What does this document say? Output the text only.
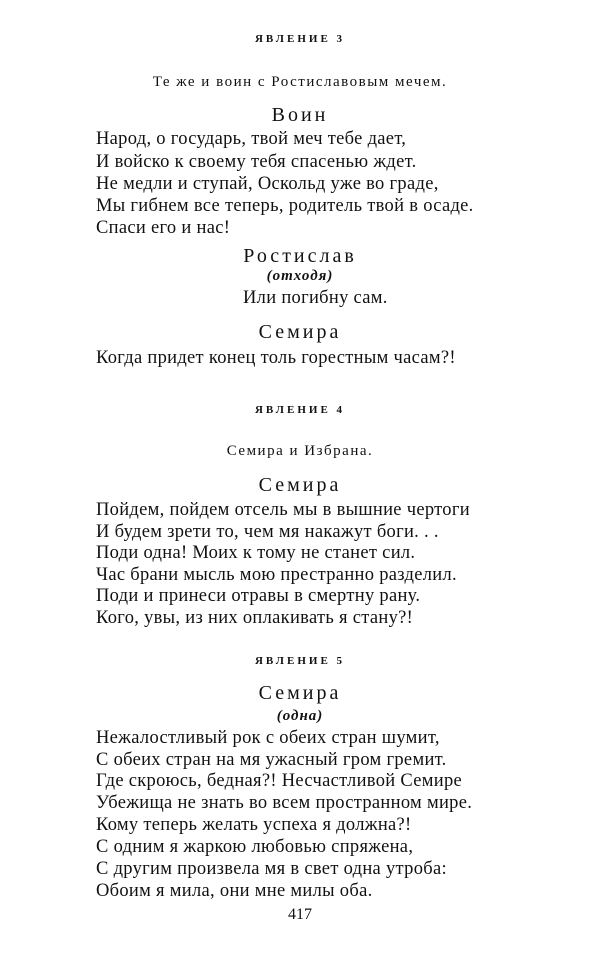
ЯВЛЕНИЕ 3
Те же и воин с Ростиславовым мечем.
Воин
Народ, о государь, твой меч тебе дает,
И войско к своему тебя спасенью ждет.
Не медли и ступай, Оскольд уже во граде,
Мы гибнем все теперь, родитель твой в осаде.
Спаси его и нас!
Ростислав
(отходя)
Или погибну сам.
Семира
Когда придет конец толь горестным часам?!
ЯВЛЕНИЕ 4
Семира и Избрана.
Семира
Пойдем, пойдем отсель мы в вышние чертоги
И будем зрети то, чем мя накажут боги. . .
Поди одна! Моих к тому не станет сил.
Час брани мысль мою престранно разделил.
Поди и принеси отравы в смертну рану.
Кого, увы, из них оплакивать я стану?!
ЯВЛЕНИЕ 5
Семира
(одна)
Нежалостливый рок с обеих стран шумит,
С обеих стран на мя ужасный гром гремит.
Где скроюсь, бедная?! Несчастливой Семире
Убежища не знать во всем пространном мире.
Кому теперь желать успеха я должна?!
С одним я жаркою любовью спряжена,
С другим произвела мя в свет одна утроба:
Обоим я мила, они мне милы оба.
417
